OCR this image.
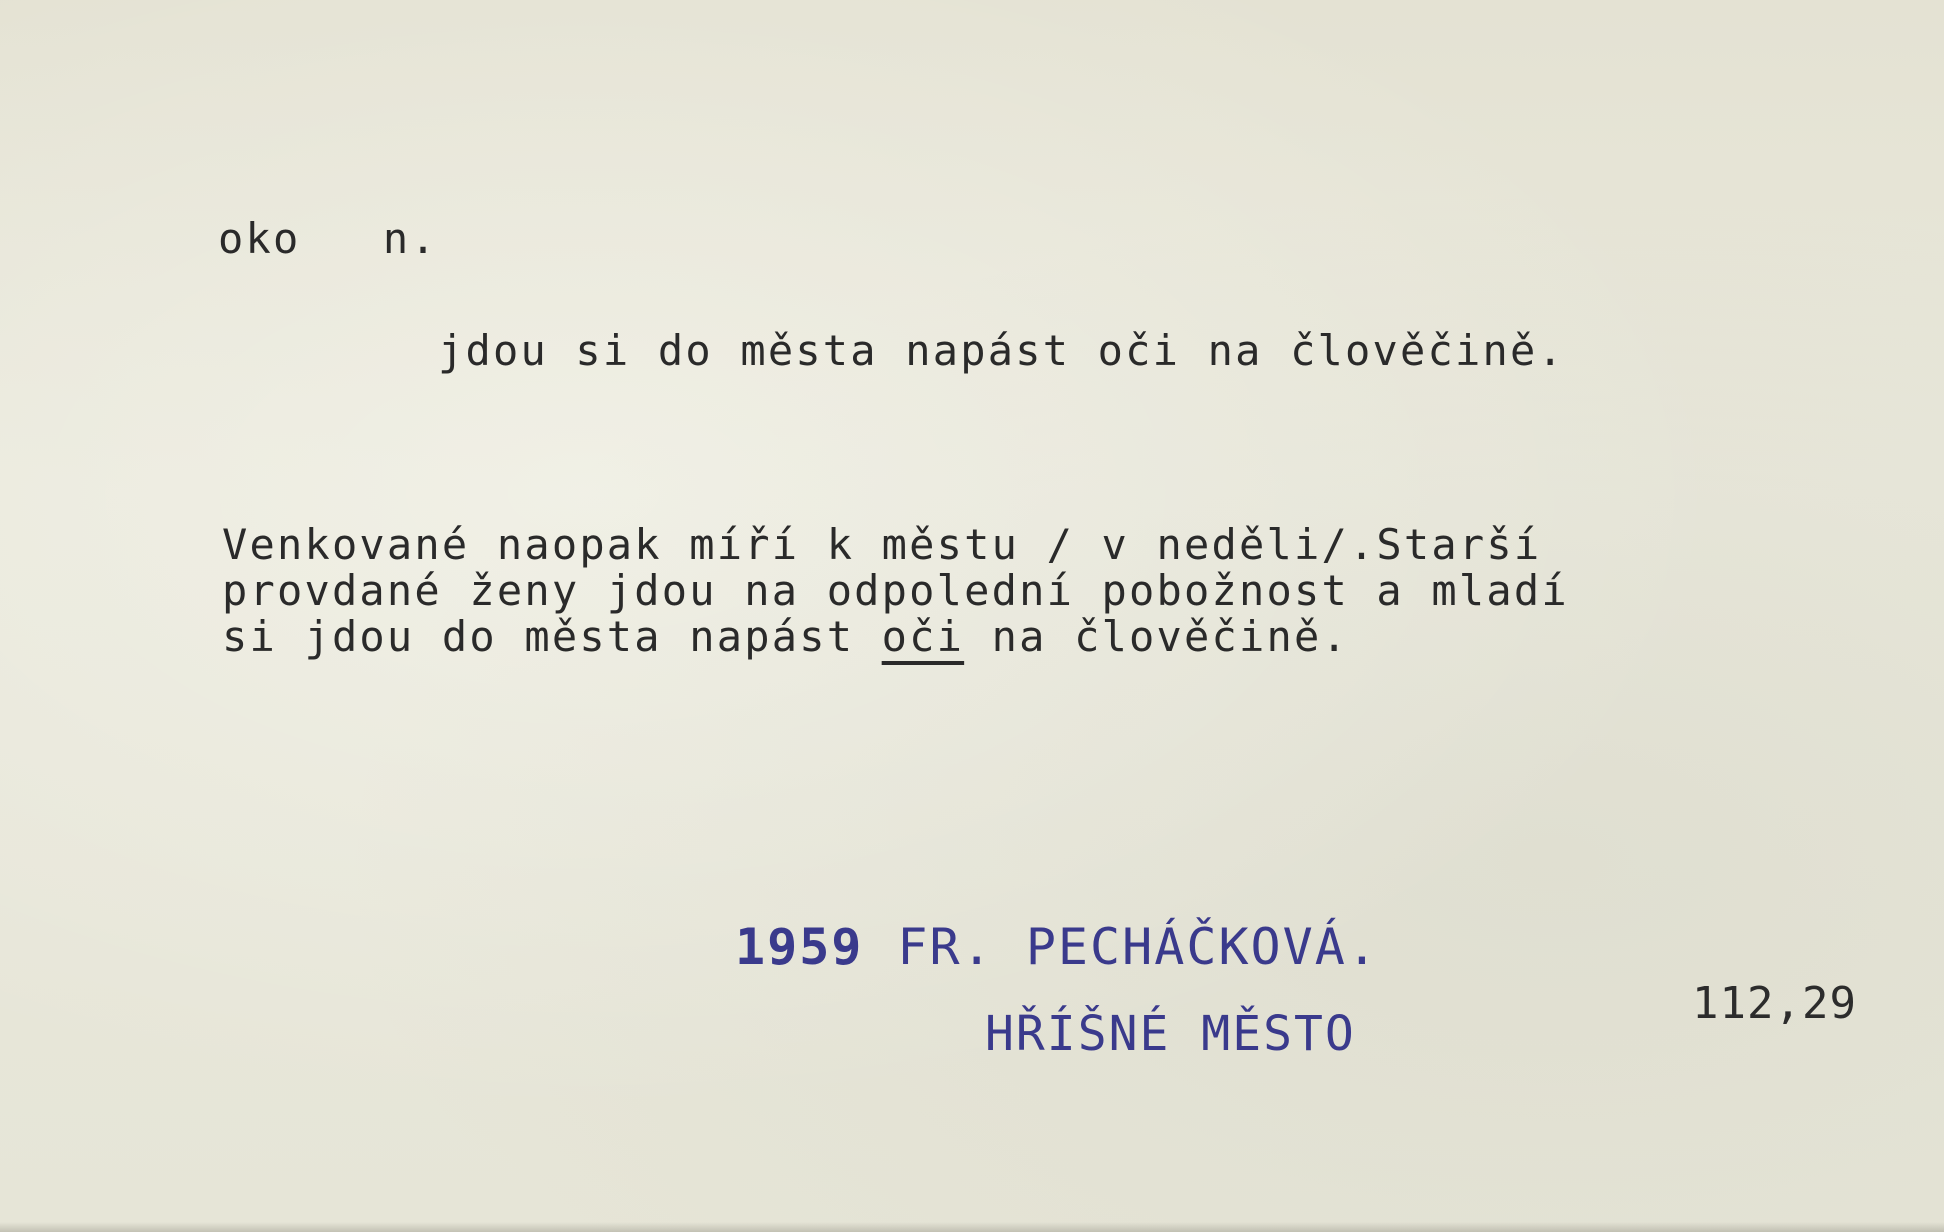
oko   n.

jdou si do města napást oči na člověčině.

Venkované naopak míří k městu / v neděli/.Starší
provdané ženy jdou na odpolední pobožnost a mladí
si jdou do města napást oči na člověčině.

1959 FR. PECHÁČKOVÁ.

HŘÍŠNÉ MĚSTO

112,29
